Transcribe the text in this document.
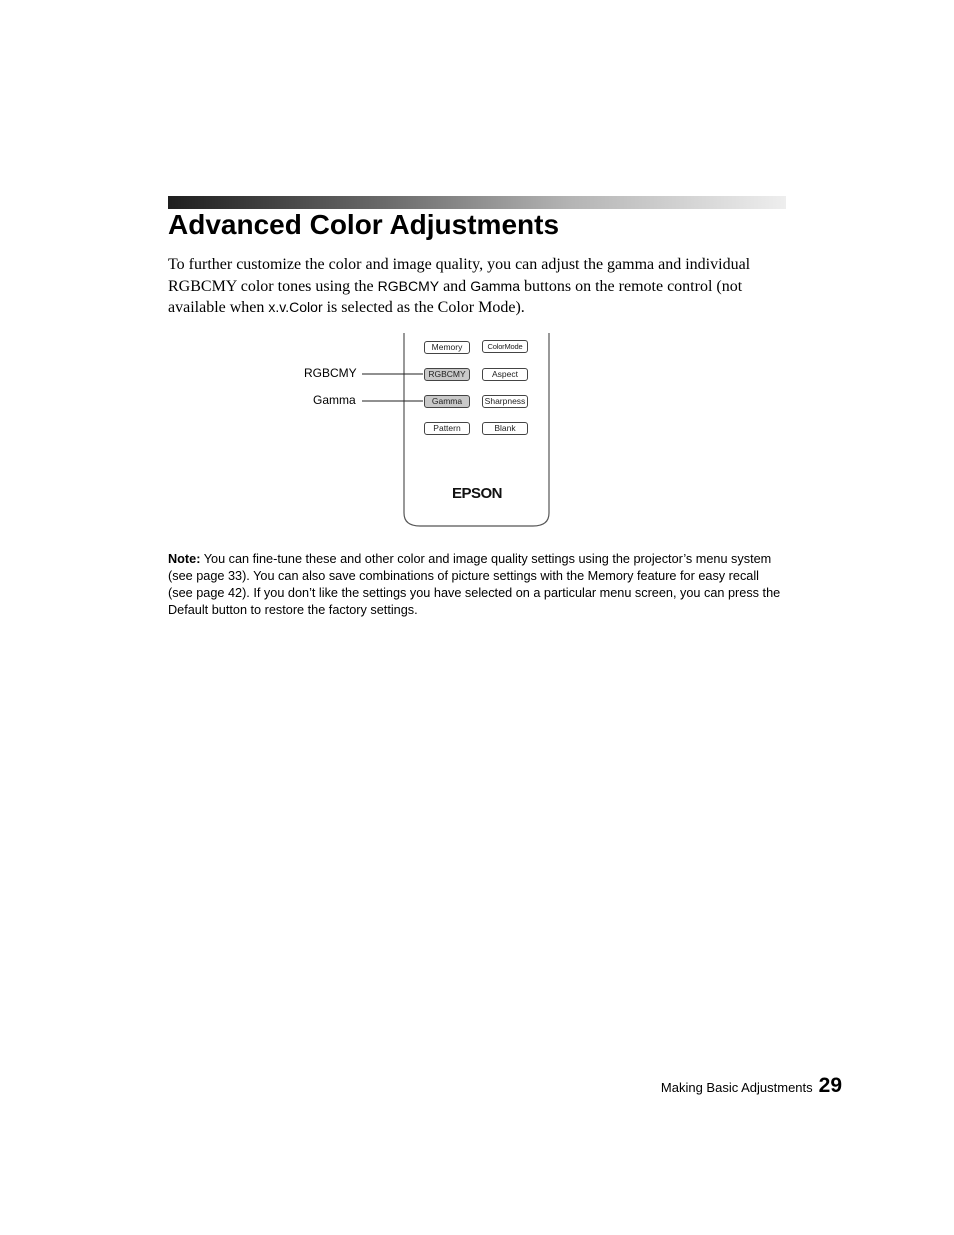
Advanced Color Adjustments

To further customize the color and image quality, you can adjust the gamma and individual RGBCMY color tones using the RGBCMY and Gamma buttons on the remote control (not available when x.v.Color is selected as the Color Mode).

RGBCMY
Gamma
Memory	ColorMode
RGBCMY	Aspect
Gamma	Sharpness
Pattern	Blank
EPSON

Note: You can fine-tune these and other color and image quality settings using the projector’s menu system (see page 33). You can also save combinations of picture settings with the Memory feature for easy recall (see page 42). If you don’t like the settings you have selected on a particular menu screen, you can press the Default button to restore the factory settings.

Making Basic Adjustments 29
